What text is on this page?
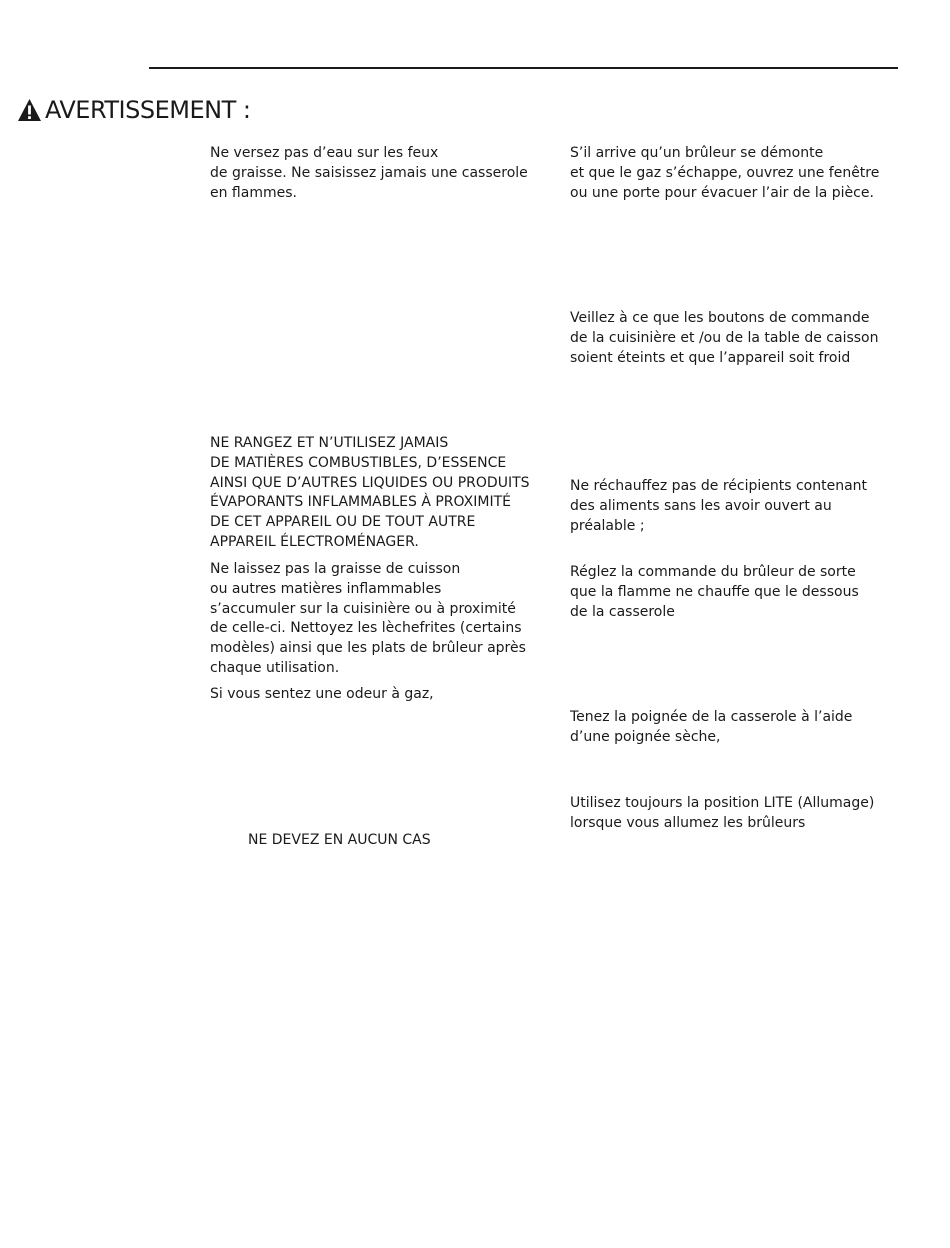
AVERTISSEMENT :
Ne versez pas d’eau sur les feux
de graisse. Ne saisissez jamais une casserole
en flammes.
NE RANGEZ ET N’UTILISEZ JAMAIS
DE MATIÈRES COMBUSTIBLES, D’ESSENCE
AINSI QUE D’AUTRES LIQUIDES OU PRODUITS
ÉVAPORANTS INFLAMMABLES À PROXIMITÉ
DE CET APPAREIL OU DE TOUT AUTRE
APPAREIL ÉLECTROMÉNAGER.
Ne laissez pas la graisse de cuisson
ou autres matières inflammables
s’accumuler sur la cuisinière ou à proximité
de celle-ci. Nettoyez les lèchefrites (certains
modèles) ainsi que les plats de brûleur après
chaque utilisation.
Si vous sentez une odeur à gaz,
NE DEVEZ EN AUCUN CAS
S’il arrive qu’un brûleur se démonte
et que le gaz s’échappe, ouvrez une fenêtre
ou une porte pour évacuer l’air de la pièce.
Veillez à ce que les boutons de commande
de la cuisinière et /ou de la table de caisson
soient éteints et que l’appareil soit froid
Ne réchauffez pas de récipients contenant
des aliments sans les avoir ouvert au
préalable ;
Réglez la commande du brûleur de sorte
que la flamme ne chauffe que le dessous
de la casserole
Tenez la poignée de la casserole à l’aide
d’une poignée sèche,
Utilisez toujours la position LITE (Allumage)
lorsque vous allumez les brûleurs
